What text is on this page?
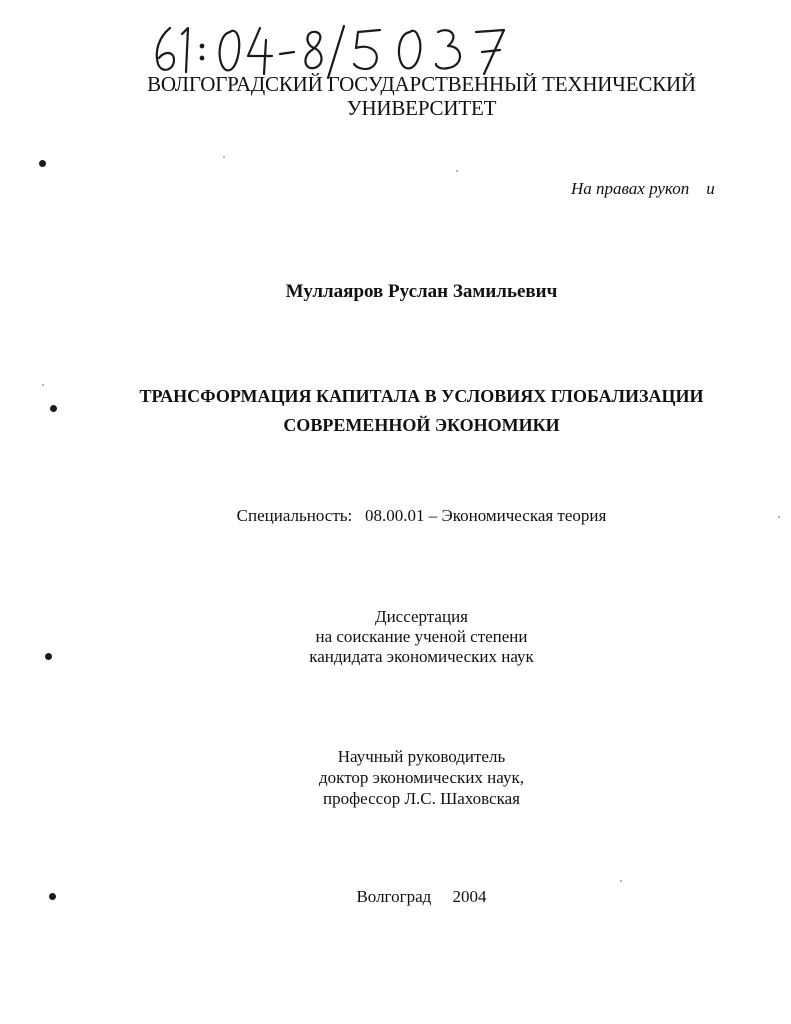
ВОЛГОГРАДСКИЙ ГОСУДАРСТВЕННЫЙ ТЕХНИЧЕСКИЙ
УНИВЕРСИТЕТ
На правах рукоп    и
Муллаяров Руслан Замильевич
ТРАНСФОРМАЦИЯ КАПИТАЛА В УСЛОВИЯХ ГЛОБАЛИЗАЦИИ
СОВРЕМЕННОЙ ЭКОНОМИКИ
Специальность:   08.00.01 – Экономическая теория
Диссертация
на соискание ученой степени
кандидата экономических наук
Научный руководитель
доктор экономических наук,
профессор Л.С. Шаховская
Волгоград     2004
